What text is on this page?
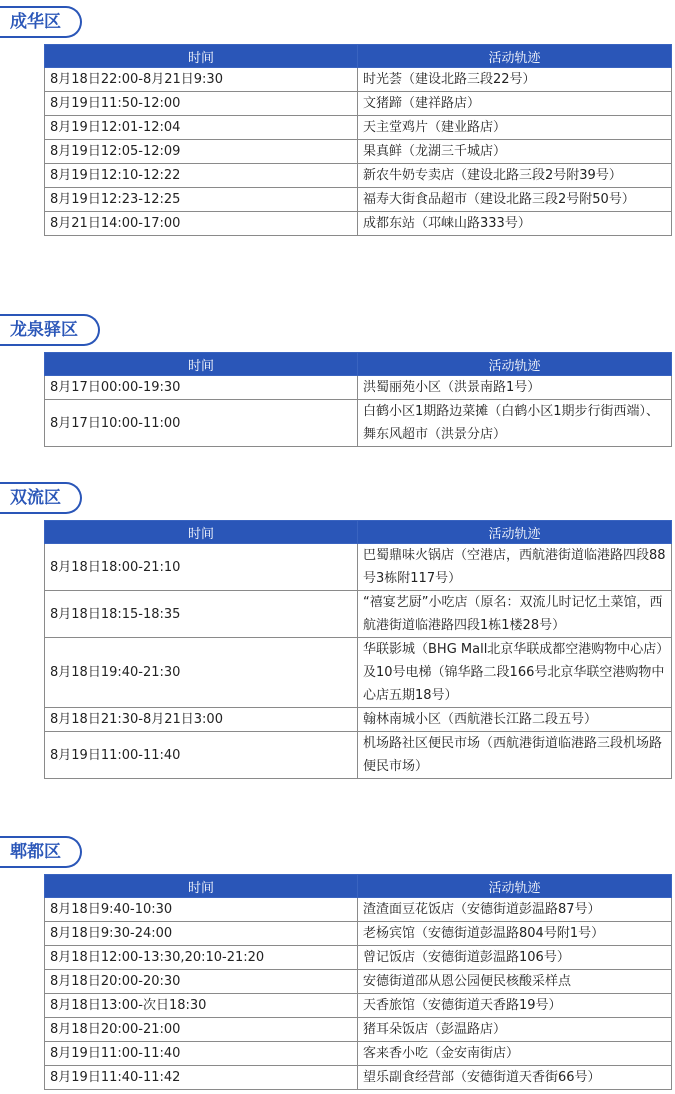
成华区
时间	活动轨迹
8月18日22:00-8月21日9:30	时光荟（建设北路三段22号）
8月19日11:50-12:00	文猪蹄（建祥路店）
8月19日12:01-12:04	天主堂鸡片（建业路店）
8月19日12:05-12:09	果真鲜（龙湖三千城店）
8月19日12:10-12:22	新农牛奶专卖店（建设北路三段2号附39号）
8月19日12:23-12:25	福寿大街食品超市（建设北路三段2号附50号）
8月21日14:00-17:00	成都东站（邛崃山路333号）
龙泉驿区
时间	活动轨迹
8月17日00:00-19:30	洪蜀丽苑小区（洪景南路1号）
8月17日10:00-11:00	白鹤小区1期路边菜摊（白鹤小区1期步行街西端）、舞东风超市（洪景分店）
双流区
时间	活动轨迹
8月18日18:00-21:10	巴蜀鼎味火锅店（空港店，西航港街道临港路四段88号3栋附117号）
8月18日18:15-18:35	“禧宴艺厨”小吃店（原名：双流儿时记忆土菜馆，西航港街道临港路四段1栋1楼28号）
8月18日19:40-21:30	华联影城（BHG Mall北京华联成都空港购物中心店）及10号电梯（锦华路二段166号北京华联空港购物中心店五期18号）
8月18日21:30-8月21日3:00	翰林南城小区（西航港长江路二段五号）
8月19日11:00-11:40	机场路社区便民市场（西航港街道临港路三段机场路便民市场）
郫都区
时间	活动轨迹
8月18日9:40-10:30	渣渣面豆花饭店（安德街道彭温路87号）
8月18日9:30-24:00	老杨宾馆（安德街道彭温路804号附1号）
8月18日12:00-13:30,20:10-21:20	曾记饭店（安德街道彭温路106号）
8月18日20:00-20:30	安德街道邵从恩公园便民核酸采样点
8月18日13:00-次日18:30	天香旅馆（安德街道天香路19号）
8月18日20:00-21:00	猪耳朵饭店（彭温路店）
8月19日11:00-11:40	客来香小吃（金安南街店）
8月19日11:40-11:42	望乐副食经营部（安德街道天香街66号）
